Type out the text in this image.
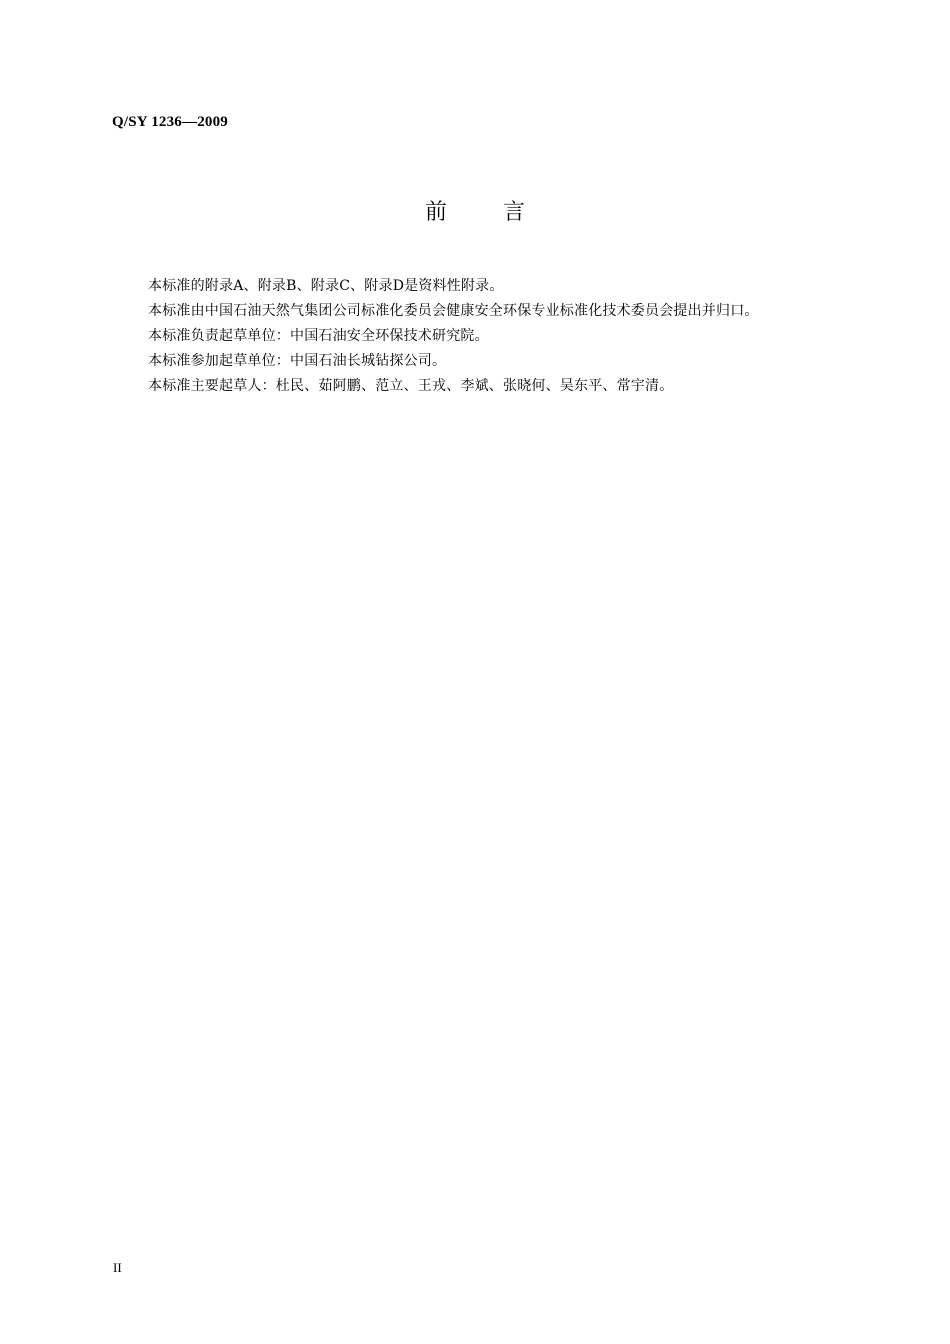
Q/SY 1236—2009
前	言
本标准的附录A、附录B、附录C、附录D是资料性附录。
本标准由中国石油天然气集团公司标准化委员会健康安全环保专业标准化技术委员会提出并归口。
本标准负责起草单位：中国石油安全环保技术研究院。
本标准参加起草单位：中国石油长城钻探公司。
本标准主要起草人：杜民、茹阿鹏、范立、王戎、李斌、张晓何、吴东平、常宇清。
II
